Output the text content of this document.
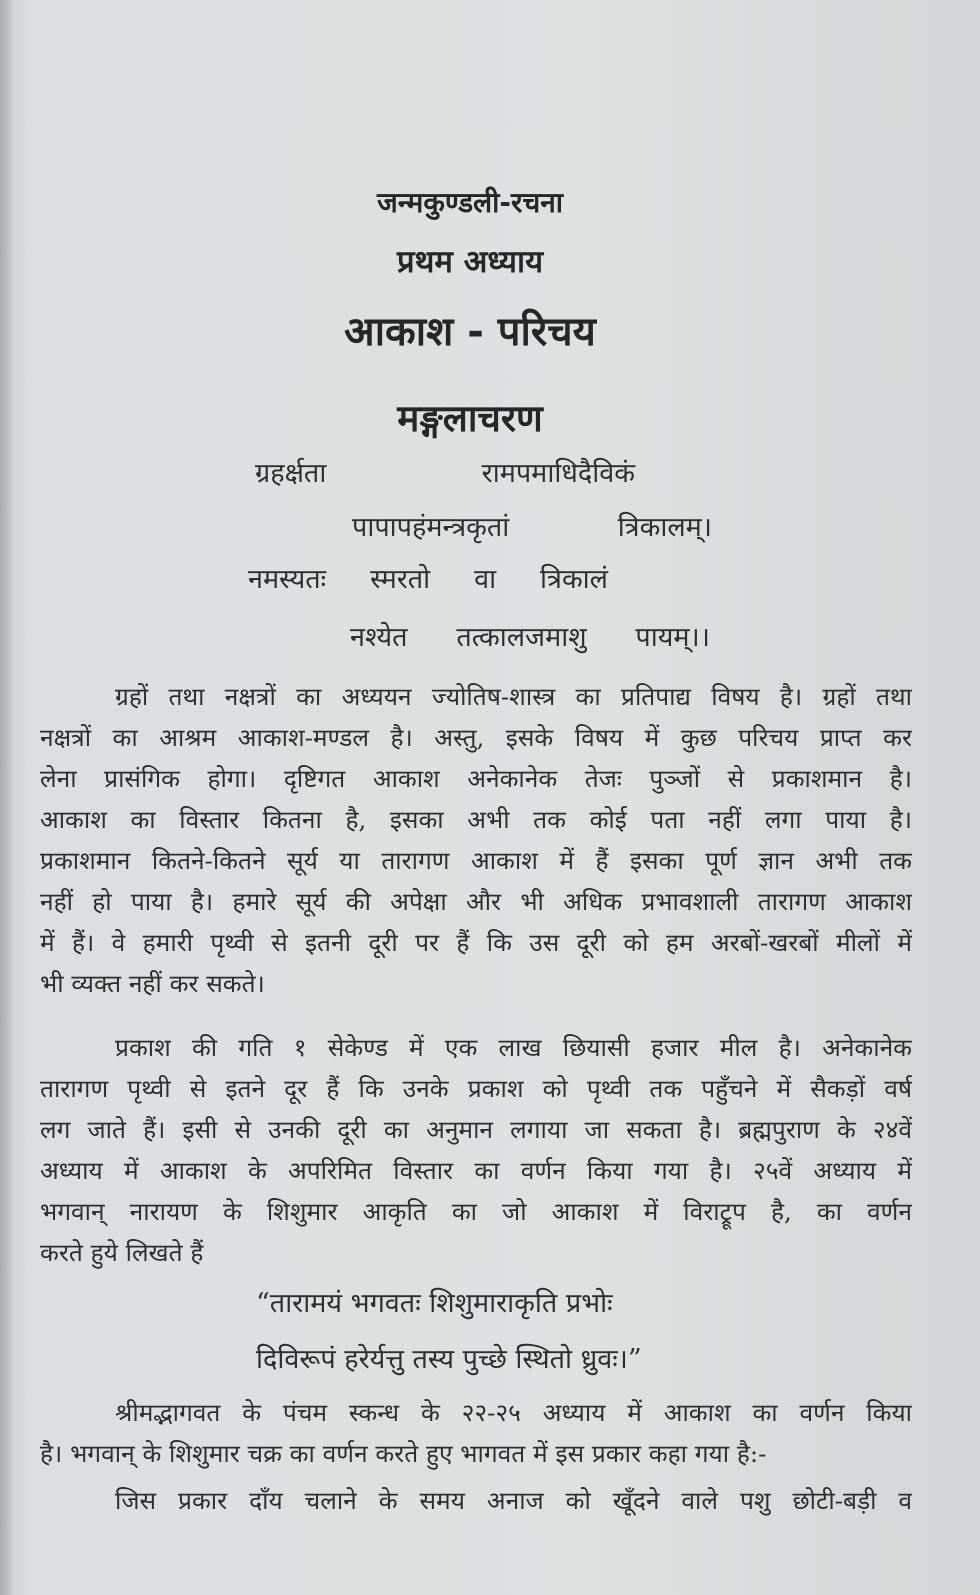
जन्मकुण्डली-रचना
प्रथम अध्याय
आकाश - परिचय
मङ्गलाचरण
ग्रहर्क्षता	रामपमाधिदैविकं
पापापहंमन्त्रकृतां	त्रिकालम्।
नमस्यतः स्मरतो वा त्रिकालं
नश्येत तत्कालजमाशु पायम्।।
ग्रहों तथा नक्षत्रों का अध्ययन ज्योतिष-शास्त्र का प्रतिपाद्य विषय है। ग्रहों तथा
नक्षत्रों का आश्रम आकाश-मण्डल है। अस्तु, इसके विषय में कुछ परिचय प्राप्त कर
लेना प्रासंगिक होगा। दृष्टिगत आकाश अनेकानेक तेजः पुञ्जों से प्रकाशमान है।
आकाश का विस्तार कितना है, इसका अभी तक कोई पता नहीं लगा पाया है।
प्रकाशमान कितने-कितने सूर्य या तारागण आकाश में हैं इसका पूर्ण ज्ञान अभी तक
नहीं हो पाया है। हमारे सूर्य की अपेक्षा और भी अधिक प्रभावशाली तारागण आकाश
में हैं। वे हमारी पृथ्वी से इतनी दूरी पर हैं कि उस दूरी को हम अरबों-खरबों मीलों में
भी व्यक्त नहीं कर सकते।
प्रकाश की गति १ सेकेण्ड में एक लाख छियासी हजार मील है। अनेकानेक
तारागण पृथ्वी से इतने दूर हैं कि उनके प्रकाश को पृथ्वी तक पहुँचने में सैकड़ों वर्ष
लग जाते हैं। इसी से उनकी दूरी का अनुमान लगाया जा सकता है। ब्रह्मपुराण के २४वें
अध्याय में आकाश के अपरिमित विस्तार का वर्णन किया गया है। २५वें अध्याय में
भगवान् नारायण के शिशुमार आकृति का जो आकाश में विराट्रूप है, का वर्णन
करते हुये लिखते हैं
“तारामयं भगवतः शिशुमाराकृति प्रभोः
दिविरूपं हरेर्यत्तु तस्य पुच्छे स्थितो ध्रुवः।”
श्रीमद्भागवत के पंचम स्कन्ध के २२-२५ अध्याय में आकाश का वर्णन किया
है। भगवान् के शिशुमार चक्र का वर्णन करते हुए भागवत में इस प्रकार कहा गया है:-
जिस प्रकार दाँय चलाने के समय अनाज को खूँदने वाले पशु छोटी-बड़ी व
